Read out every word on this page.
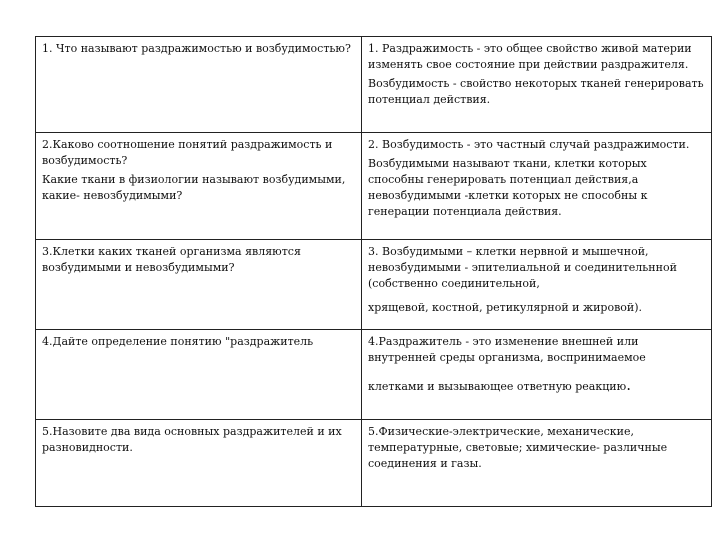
1. Что называют раздражимостью и возбудимостью?	1. Раздражимость - это общее свойство живой материи изменять свое состояние при действии раздражителя.
Возбудимость - свойство некоторых тканей генерировать потенциал действия.

2.Каково соотношение понятий раздражимость и возбудимость?
Какие ткани в физиологии называют возбудимыми, какие- невозбудимыми?	2. Возбудимость - это частный случай раздражимости.
Возбудимыми называют ткани, клетки которых способны генерировать потенциал действия,а невозбудимыми -клетки которых не способны к генерации потенциала действия.

3.Клетки каких тканей организма являются возбудимыми и невозбудимыми?	3. Возбудимыми – клетки нервной и мышечной, невозбудимыми - эпителиальной и соединительнной (собственно соединительной,
хрящевой, костной, ретикулярной и жировой).

4.Дайте определение понятию "раздражитель	4.Раздражитель - это изменение внешней или внутренней среды организма, воспринимаемое
клетками и вызывающее ответную реакцию.

5.Назовите два вида основных раздражителей и их разновидности.	5.Физические-электрические, механические, температурные, световые; химические- различные соединения и газы.
